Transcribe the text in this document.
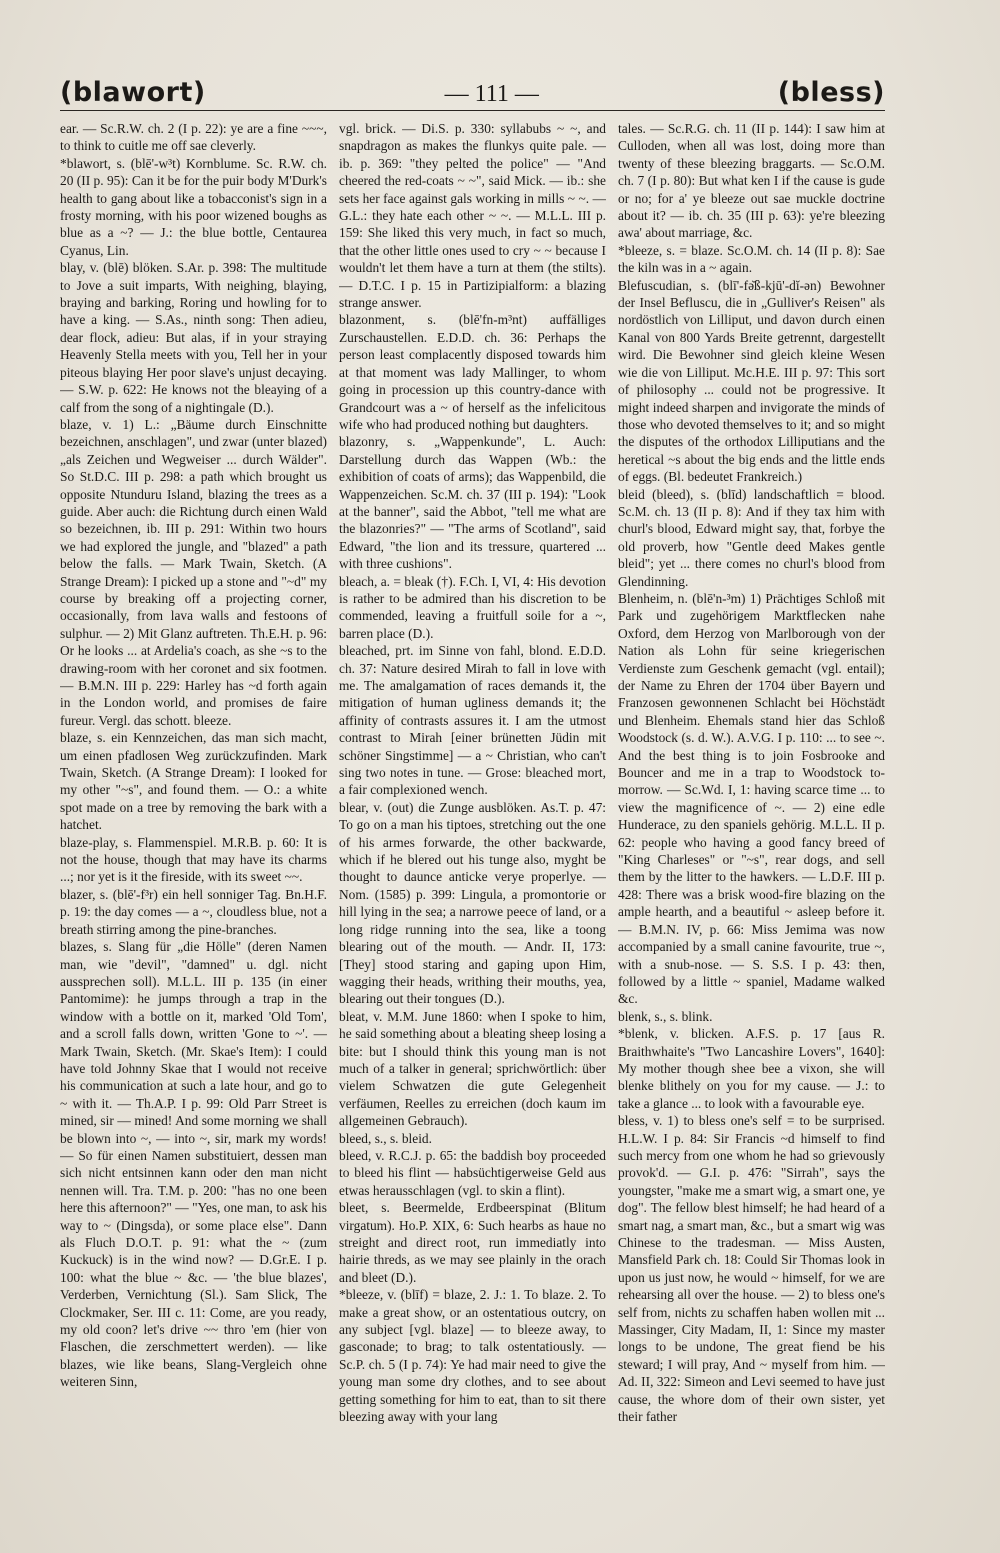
(blawort)	— 111 —	(bless)

ear. — Sc.R.W. ch. 2 (I p. 22): ye are a fine ~~~, to think to cuitle me off sae cleverly.

*blawort, s. (blē'-w³t) Kornblume. Sc. R.W. ch. 20 (II p. 95): Can it be for the puir body M'Durk's health to gang about like a tobacconist's sign in a frosty morning, with his poor wizened boughs as blue as a ~? — J.: the blue bottle, Centaurea Cyanus, Lin.

blay, v. (blē) blöken. S.Ar. p. 398: The multitude to Jove a suit imparts, With neighing, blaying, braying and barking, Roring und howling for to have a king. — S.As., ninth song: Then adieu, dear flock, adieu: But alas, if in your straying Heavenly Stella meets with you, Tell her in your piteous blaying Her poor slave's unjust decaying. — S.W. p. 622: He knows not the bleaying of a calf from the song of a nightingale (D.).

blaze, v. 1) L.: „Bäume durch Einschnitte bezeichnen, anschlagen", und zwar (unter blazed) „als Zeichen und Wegweiser ... durch Wälder". So St.D.C. III p. 298: a path which brought us opposite Ntunduru Island, blazing the trees as a guide. Aber auch: die Richtung durch einen Wald so bezeichnen, ib. III p. 291: Within two hours we had explored the jungle, and "blazed" a path below the falls. — Mark Twain, Sketch. (A Strange Dream): I picked up a stone and "~d" my course by breaking off a projecting corner, occasionally, from lava walls and festoons of sulphur. — 2) Mit Glanz auftreten. Th.E.H. p. 96: Or he looks ... at Ardelia's coach, as she ~s to the drawing-room with her coronet and six footmen. — B.M.N. III p. 229: Harley has ~d forth again in the London world, and promises de faire fureur. Vergl. das schott. bleeze.

blaze, s. ein Kennzeichen, das man sich macht, um einen pfadlosen Weg zurückzufinden. Mark Twain, Sketch. (A Strange Dream): I looked for my other "~s", and found them. — O.: a white spot made on a tree by removing the bark with a hatchet.

blaze-play, s. Flammenspiel. M.R.B. p. 60: It is not the house, though that may have its charms ...; nor yet is it the fireside, with its sweet ~~.

blazer, s. (blē'-f³r) ein hell sonniger Tag. Bn.H.F. p. 19: the day comes — a ~, cloudless blue, not a breath stirring among the pine-branches.

blazes, s. Slang für „die Hölle" (deren Namen man, wie "devil", "damned" u. dgl. nicht aussprechen soll). M.L.L. III p. 135 (in einer Pantomime): he jumps through a trap in the window with a bottle on it, marked 'Old Tom', and a scroll falls down, written 'Gone to ~'. — Mark Twain, Sketch. (Mr. Skae's Item): I could have told Johnny Skae that I would not receive his communication at such a late hour, and go to ~ with it. — Th.A.P. I p. 99: Old Parr Street is mined, sir — mined! And some morning we shall be blown into ~, — into ~, sir, mark my words! — So für einen Namen substituiert, dessen man sich nicht entsinnen kann oder den man nicht nennen will. Tra. T.M. p. 200: "has no one been here this afternoon?" — "Yes, one man, to ask his way to ~ (Dingsda), or some place else". Dann als Fluch D.O.T. p. 91: what the ~ (zum Kuckuck) is in the wind now? — D.Gr.E. I p. 100: what the blue ~ &c. — 'the blue blazes', Verderben, Vernichtung (Sl.). Sam Slick, The Clockmaker, Ser. III c. 11: Come, are you ready, my old coon? let's drive ~~ thro 'em (hier von Flaschen, die zerschmettert werden). — like blazes, wie like beans, Slang-Vergleich ohne weiteren Sinn,

vgl. brick. — Di.S. p. 330: syllabubs ~ ~, and snapdragon as makes the flunkys quite pale. — ib. p. 369: "they pelted the police" — "And cheered the red-coats ~ ~", said Mick. — ib.: she sets her face against gals working in mills ~ ~. — G.L.: they hate each other ~ ~. — M.L.L. III p. 159: She liked this very much, in fact so much, that the other little ones used to cry ~ ~ because I wouldn't let them have a turn at them (the stilts). — D.T.C. I p. 15 in Partizipialform: a blazing strange answer.

blazonment, s. (blē'fn-m³nt) auffälliges Zurschaustellen. E.D.D. ch. 36: Perhaps the person least complacently disposed towards him at that moment was lady Mallinger, to whom going in procession up this country-dance with Grandcourt was a ~ of herself as the infelicitous wife who had produced nothing but daughters.

blazonry, s. „Wappenkunde", L. Auch: Darstellung durch das Wappen (Wb.: the exhibition of coats of arms); das Wappenbild, die Wappenzeichen. Sc.M. ch. 37 (III p. 194): "Look at the banner", said the Abbot, "tell me what are the blazonries?" — "The arms of Scotland", said Edward, "the lion and its tressure, quartered ... with three cushions".

bleach, a. = bleak (†). F.Ch. I, VI, 4: His devotion is rather to be admired than his discretion to be commended, leaving a fruitfull soile for a ~, barren place (D.).

bleached, prt. im Sinne von fahl, blond. E.D.D. ch. 37: Nature desired Mirah to fall in love with me. The amalgamation of races demands it, the mitigation of human ugliness demands it; the affinity of contrasts assures it. I am the utmost contrast to Mirah [einer brünetten Jüdin mit schöner Singstimme] — a ~ Christian, who can't sing two notes in tune. — Grose: bleached mort, a fair complexioned wench.

blear, v. (out) die Zunge ausblöken. As.T. p. 47: To go on a man his tiptoes, stretching out the one of his armes forwarde, the other backwarde, which if he blered out his tunge also, myght be thought to daunce anticke verye properlye. — Nom. (1585) p. 399: Lingula, a promontorie or hill lying in the sea; a narrowe peece of land, or a long ridge running into the sea, like a toong blearing out of the mouth. — Andr. II, 173: [They] stood staring and gaping upon Him, wagging their heads, writhing their mouths, yea, blearing out their tongues (D.).

bleat, v. M.M. June 1860: when I spoke to him, he said something about a bleating sheep losing a bite: but I should think this young man is not much of a talker in general; sprichwörtlich: über vielem Schwatzen die gute Gelegenheit verfäumen, Reelles zu erreichen (doch kaum im allgemeinen Gebrauch).

bleed, s., s. bleid.

bleed, v. R.C.J. p. 65: the baddish boy proceeded to bleed his flint — habsüchtigerweise Geld aus etwas herausschlagen (vgl. to skin a flint).

bleet, s. Beermelde, Erdbeerspinat (Blitum virgatum). Ho.P. XIX, 6: Such hearbs as haue no streight and direct root, run immediatly into hairie threds, as we may see plainly in the orach and bleet (D.).

*bleeze, v. (blīf) = blaze, 2. J.: 1. To blaze. 2. To make a great show, or an ostentatious outcry, on any subject [vgl. blaze] — to bleeze away, to gasconade; to brag; to talk ostentatiously. — Sc.P. ch. 5 (I p. 74): Ye had mair need to give the young man some dry clothes, and to see about getting something for him to eat, than to sit there bleezing away with your lang

tales. — Sc.R.G. ch. 11 (II p. 144): I saw him at Culloden, when all was lost, doing more than twenty of these bleezing braggarts. — Sc.O.M. ch. 7 (I p. 80): But what ken I if the cause is gude or no; for a' ye bleeze out sae muckle doctrine about it? — ib. ch. 35 (III p. 63): ye're bleezing awa' about marriage, &c.

*bleeze, s. = blaze. Sc.O.M. ch. 14 (II p. 8): Sae the kiln was in a ~ again.

Blefuscudian, s. (blī'-fə̆ß-kjū'-dĭ-ən) Bewohner der Insel Befluscu, die in „Gulliver's Reisen" als nordöstlich von Lilliput, und davon durch einen Kanal von 800 Yards Breite getrennt, dargestellt wird. Die Bewohner sind gleich kleine Wesen wie die von Lilliput. Mc.H.E. III p. 97: This sort of philosophy ... could not be progressive. It might indeed sharpen and invigorate the minds of those who devoted themselves to it; and so might the disputes of the orthodox Lilliputians and the heretical ~s about the big ends and the little ends of eggs. (Bl. bedeutet Frankreich.)

bleid (bleed), s. (blīd) landschaftlich = blood. Sc.M. ch. 13 (II p. 8): And if they tax him with churl's blood, Edward might say, that, forbye the old proverb, how "Gentle deed Makes gentle bleid"; yet ... there comes no churl's blood from Glendinning.

Blenheim, n. (blē'n-³m) 1) Prächtiges Schloß mit Park und zugehörigem Marktflecken nahe Oxford, dem Herzog von Marlborough von der Nation als Lohn für seine kriegerischen Verdienste zum Geschenk gemacht (vgl. entail); der Name zu Ehren der 1704 über Bayern und Franzosen gewonnenen Schlacht bei Höchstädt und Blenheim. Ehemals stand hier das Schloß Woodstock (s. d. W.). A.V.G. I p. 110: ... to see ~. And the best thing is to join Fosbrooke and Bouncer and me in a trap to Woodstock to-morrow. — Sc.Wd. I, 1: having scarce time ... to view the magnificence of ~. — 2) eine edle Hunderace, zu den spaniels gehörig. M.L.L. II p. 62: people who having a good fancy breed of "King Charleses" or "~s", rear dogs, and sell them by the litter to the hawkers. — L.D.F. III p. 428: There was a brisk wood-fire blazing on the ample hearth, and a beautiful ~ asleep before it. — B.M.N. IV, p. 66: Miss Jemima was now accompanied by a small canine favourite, true ~, with a snub-nose. — S. S.S. I p. 43: then, followed by a little ~ spaniel, Madame walked &c.

blenk, s., s. blink.

*blenk, v. blicken. A.F.S. p. 17 [aus R. Braithwhaite's "Two Lancashire Lovers", 1640]: My mother though shee bee a vixon, she will blenke blithely on you for my cause. — J.: to take a glance ... to look with a favourable eye.

bless, v. 1) to bless one's self = to be surprised. H.L.W. I p. 84: Sir Francis ~d himself to find such mercy from one whom he had so grievously provok'd. — G.I. p. 476: "Sirrah", says the youngster, "make me a smart wig, a smart one, ye dog". The fellow blest himself; he had heard of a smart nag, a smart man, &c., but a smart wig was Chinese to the tradesman. — Miss Austen, Mansfield Park ch. 18: Could Sir Thomas look in upon us just now, he would ~ himself, for we are rehearsing all over the house. — 2) to bless one's self from, nichts zu schaffen haben wollen mit ... Massinger, City Madam, II, 1: Since my master longs to be undone, The great fiend be his steward; I will pray, And ~ myself from him. — Ad. II, 322: Simeon and Levi seemed to have just cause, the whore dom of their own sister, yet their father
